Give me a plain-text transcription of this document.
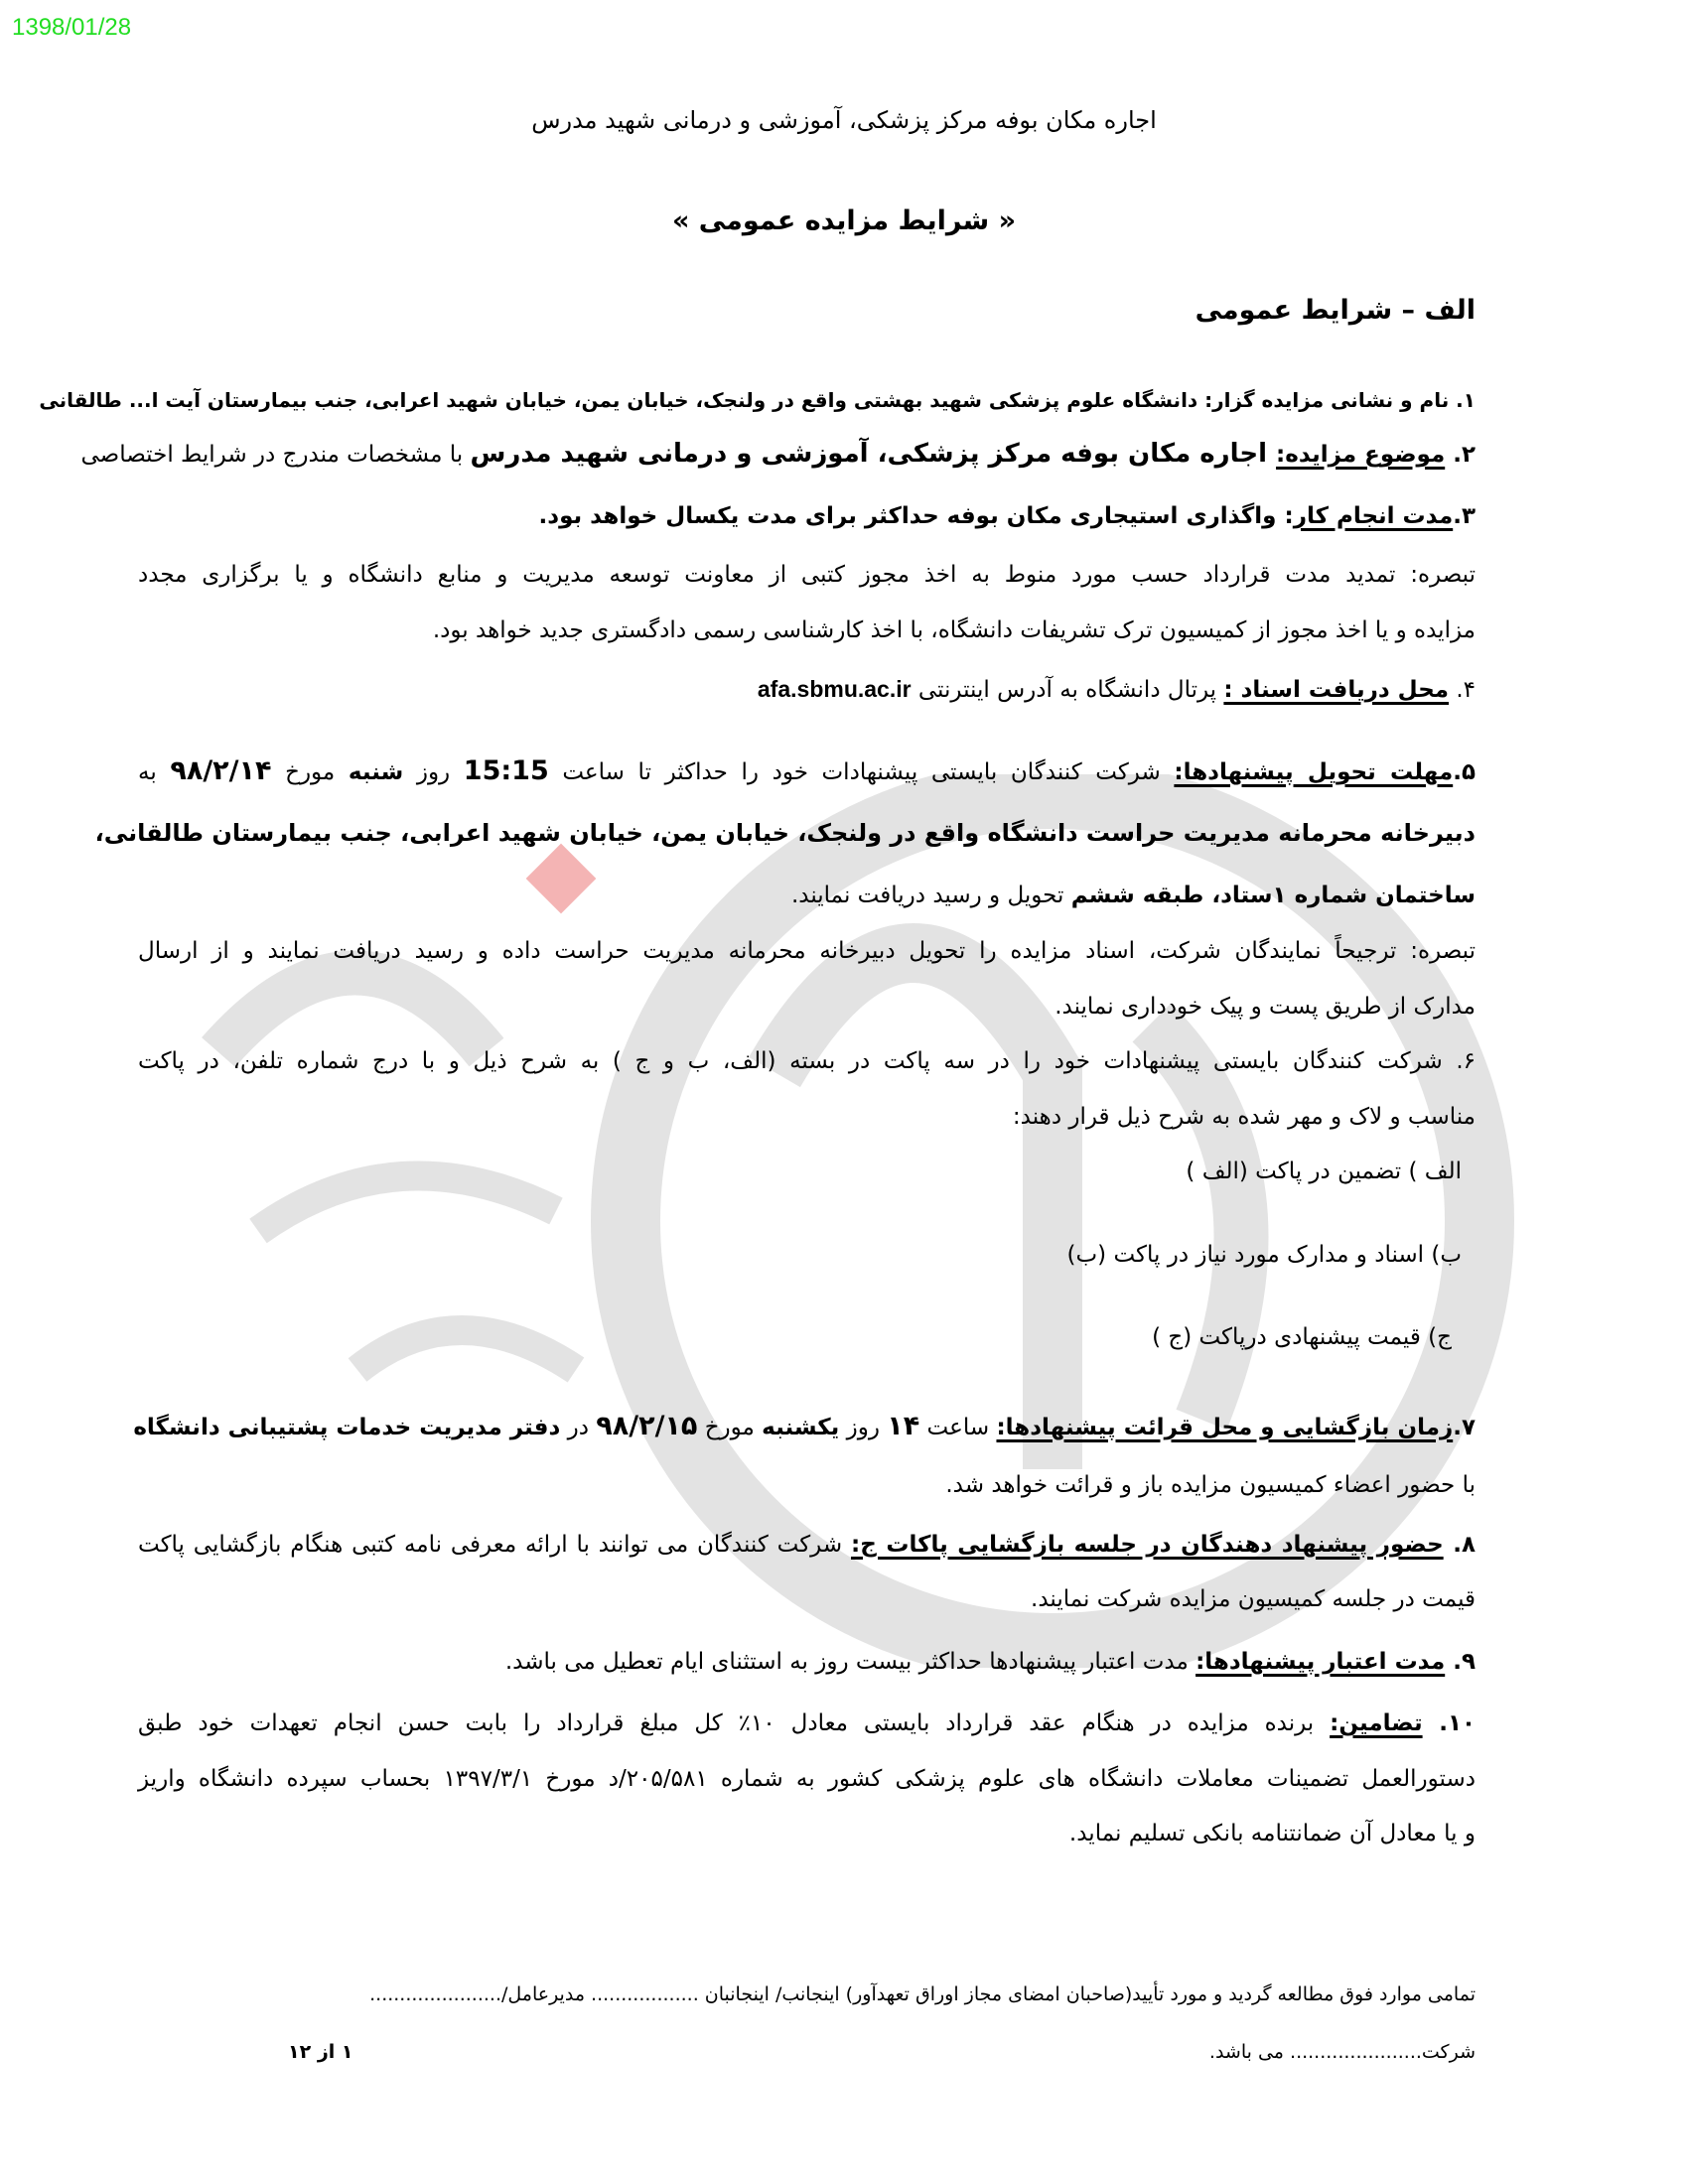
1398/01/28
اجاره مکان بوفه مرکز پزشکی، آموزشی و درمانی شهید مدرس
« شرایط مزایده عمومی »
الف – شرایط عمومی
۱. نام و نشانی مزایده گزار: دانشگاه علوم پزشکی شهید بهشتی واقع در ولنجک، خیابان یمن، خیابان شهید اعرابی، جنب بیمارستان آیت ا... طالقانی
۲. موضوع مزایده: اجاره مکان بوفه مرکز پزشکی، آموزشی و درمانی شهید مدرس با مشخصات مندرج در شرایط اختصاصی
۳.مدت انجام کار: واگذاری استیجاری مکان بوفه حداکثر برای مدت یکسال خواهد بود.
تبصره: تمدید مدت قرارداد حسب مورد منوط به اخذ مجوز کتبی از معاونت توسعه مدیریت و منابع دانشگاه و یا برگزاری مجدد
مزایده و یا اخذ مجوز از کمیسیون ترک تشریفات دانشگاه، با اخذ کارشناسی رسمی دادگستری جدید خواهد بود.
۴. محل دریافت اسناد : پرتال دانشگاه به آدرس اینترنتی afa.sbmu.ac.ir
۵.مهلت تحویل پیشنهادها: شرکت کنندگان بایستی پیشنهادات خود را حداکثر تا ساعت 15:15 روز شنبه مورخ ۹۸/۲/۱۴ به
دبیرخانه محرمانه مدیریت حراست دانشگاه واقع در ولنجک، خیابان یمن، خیابان شهید اعرابی، جنب بیمارستان طالقانی،
ساختمان شماره ۱ستاد، طبقه ششم تحویل و رسید دریافت نمایند.
تبصره: ترجیحاً نمایندگان شرکت، اسناد مزایده را تحویل دبیرخانه محرمانه مدیریت حراست داده و رسید دریافت نمایند و از ارسال
مدارک از طریق پست و پیک خودداری نمایند.
۶. شرکت کنندگان بایستی پیشنهادات خود را در سه پاکت در بسته (الف، ب و ج ) به شرح ذیل و با درج شماره تلفن، در پاکت
مناسب و لاک و مهر شده به شرح ذیل قرار دهند:
الف ) تضمین در پاکت (الف )
ب) اسناد و مدارک مورد نیاز در پاکت (ب)
ج) قیمت پیشنهادی درپاکت (ج )
۷.زمان بازگشایی و محل قرائت پیشنهادها: ساعت ۱۴ روز یکشنبه مورخ ۹۸/۲/۱۵ در دفتر مدیریت خدمات پشتیبانی دانشگاه
با حضور اعضاء کمیسیون مزایده باز و قرائت خواهد شد.
۸. حضور پیشنهاد دهندگان در جلسه بازگشایی پاکات ج: شرکت کنندگان می توانند با ارائه معرفی نامه کتبی هنگام بازگشایی پاکت
قیمت در جلسه کمیسیون مزایده شرکت نمایند.
۹. مدت اعتبار پیشنهادها: مدت اعتبار پیشنهادها حداکثر بیست روز به استثنای ایام تعطیل می باشد.
۱۰. تضامین: برنده مزایده در هنگام عقد قرارداد بایستی معادل ۱۰٪ کل مبلغ قرارداد را بابت حسن انجام تعهدات خود طبق
دستورالعمل تضمینات معاملات دانشگاه های علوم پزشکی کشور به شماره ۲۰۵/۵۸۱/د مورخ ۱۳۹۷/۳/۱ بحساب سپرده دانشگاه واریز
و یا معادل آن ضمانتنامه بانکی تسلیم نماید.
تمامی موارد فوق مطالعه گردید و مورد تأیید(صاحبان امضای مجاز اوراق تعهدآور) اینجانب/ اینجانبان .................. مدیرعامل/......................
شرکت...................... می باشد.
۱ از ۱۲
